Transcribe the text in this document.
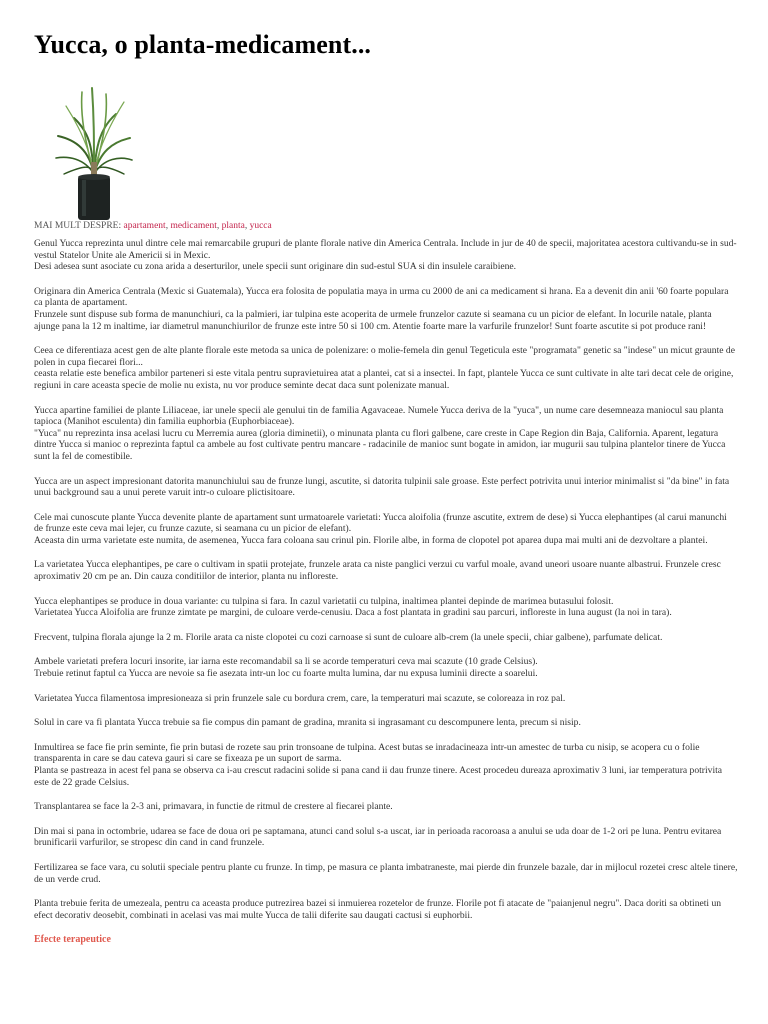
Yucca, o planta-medicament...
MAI MULT DESPRE: apartament, medicament, planta, yucca

Genul Yucca reprezinta unul dintre cele mai remarcabile grupuri de plante florale native din America Centrala. Include in jur de 40 de specii, majoritatea acestora cultivandu-se in sud-vestul Statelor Unite ale Americii si in Mexic.
Desi adesea sunt asociate cu zona arida a deserturilor, unele specii sunt originare din sud-estul SUA si din insulele caraibiene.

Originara din America Centrala (Mexic si Guatemala), Yucca era folosita de populatia maya in urma cu 2000 de ani ca medicament si hrana. Ea a devenit din anii '60 foarte populara ca planta de apartament.
Frunzele sunt dispuse sub forma de manunchiuri, ca la palmieri, iar tulpina este acoperita de urmele frunzelor cazute si seamana cu un picior de elefant. In locurile natale, planta ajunge pana la 12 m inaltime, iar diametrul manunchiurilor de frunze este intre 50 si 100 cm. Atentie foarte mare la varfurile frunzelor! Sunt foarte ascutite si pot produce rani!

Ceea ce diferentiaza acest gen de alte plante florale este metoda sa unica de polenizare: o molie-femela din genul Tegeticula este "programata" genetic sa "indese" un micut graunte de polen in cupa fiecarei flori...
ceasta relatie este benefica ambilor parteneri si este vitala pentru supravietuirea atat a plantei, cat si a insectei. In fapt, plantele Yucca ce sunt cultivate in alte tari decat cele de origine, regiuni in care aceasta specie de molie nu exista, nu vor produce seminte decat daca sunt polenizate manual.

Yucca apartine familiei de plante Liliaceae, iar unele specii ale genului tin de familia Agavaceae. Numele Yucca deriva de la "yuca", un nume care desemneaza maniocul sau planta tapioca (Manihot esculenta) din familia euphorbia (Euphorbiaceae).
"Yuca" nu reprezinta insa acelasi lucru cu Merremia aurea (gloria diminetii), o minunata planta cu flori galbene, care creste in Cape Region din Baja, California. Aparent, legatura dintre Yucca si manioc o reprezinta faptul ca ambele au fost cultivate pentru mancare - radacinile de manioc sunt bogate in amidon, iar mugurii sau tulpina plantelor tinere de Yucca sunt la fel de comestibile.

Yucca are un aspect impresionant datorita manunchiului sau de frunze lungi, ascutite, si datorita tulpinii sale groase. Este perfect potrivita unui interior minimalist si "da bine" in fata unui background sau a unui perete varuit intr-o culoare plictisitoare.

Cele mai cunoscute plante Yucca devenite plante de apartament sunt urmatoarele varietati: Yucca aloifolia (frunze ascutite, extrem de dese) si Yucca elephantipes (al carui manunchi de frunze este ceva mai lejer, cu frunze cazute, si seamana cu un picior de elefant).
Aceasta din urma varietate este numita, de asemenea, Yucca fara coloana sau crinul pin. Florile albe, in forma de clopotel pot aparea dupa mai multi ani de dezvoltare a plantei.

La varietatea Yucca elephantipes, pe care o cultivam in spatii protejate, frunzele arata ca niste panglici verzui cu varful moale, avand uneori usoare nuante albastrui. Frunzele cresc aproximativ 20 cm pe an. Din cauza conditiilor de interior, planta nu infloreste.

Yucca elephantipes se produce in doua variante: cu tulpina si fara. In cazul varietatii cu tulpina, inaltimea plantei depinde de marimea butasului folosit.
Varietatea Yucca Aloifolia are frunze zimtate pe margini, de culoare verde-cenusiu. Daca a fost plantata in gradini sau parcuri, infloreste in luna august (la noi in tara).

Frecvent, tulpina florala ajunge la 2 m. Florile arata ca niste clopotei cu cozi carnoase si sunt de culoare alb-crem (la unele specii, chiar galbene), parfumate delicat.

Ambele varietati prefera locuri insorite, iar iarna este recomandabil sa li se acorde temperaturi ceva mai scazute (10 grade Celsius).
Trebuie retinut faptul ca Yucca are nevoie sa fie asezata intr-un loc cu foarte multa lumina, dar nu expusa luminii directe a soarelui.

Varietatea Yucca filamentosa impresioneaza si prin frunzele sale cu bordura crem, care, la temperaturi mai scazute, se coloreaza in roz pal.

Solul in care va fi plantata Yucca trebuie sa fie compus din pamant de gradina, mranita si ingrasamant cu descompunere lenta, precum si nisip.

Inmultirea se face fie prin seminte, fie prin butasi de rozete sau prin tronsoane de tulpina. Acest butas se inradacineaza intr-un amestec de turba cu nisip, se acopera cu o folie transparenta in care se dau cateva gauri si care se fixeaza pe un suport de sarma.
Planta se pastreaza in acest fel pana se observa ca i-au crescut radacini solide si pana cand ii dau frunze tinere. Acest procedeu dureaza aproximativ 3 luni, iar temperatura potrivita este de 22 grade Celsius.

Transplantarea se face la 2-3 ani, primavara, in functie de ritmul de crestere al fiecarei plante.

Din mai si pana in octombrie, udarea se face de doua ori pe saptamana, atunci cand solul s-a uscat, iar in perioada racoroasa a anului se uda doar de 1-2 ori pe luna. Pentru evitarea brunificarii varfurilor, se stropesc din cand in cand frunzele.

Fertilizarea se face vara, cu solutii speciale pentru plante cu frunze. In timp, pe masura ce planta imbatraneste, mai pierde din frunzele bazale, dar in mijlocul rozetei cresc altele tinere, de un verde crud.

Planta trebuie ferita de umezeala, pentru ca aceasta produce putrezirea bazei si inmuierea rozetelor de frunze. Florile pot fi atacate de "paianjenul negru". Daca doriti sa obtineti un efect decorativ deosebit, combinati in acelasi vas mai multe Yucca de talii diferite sau daugati cactusi si euphorbii.

Efecte terapeutice
